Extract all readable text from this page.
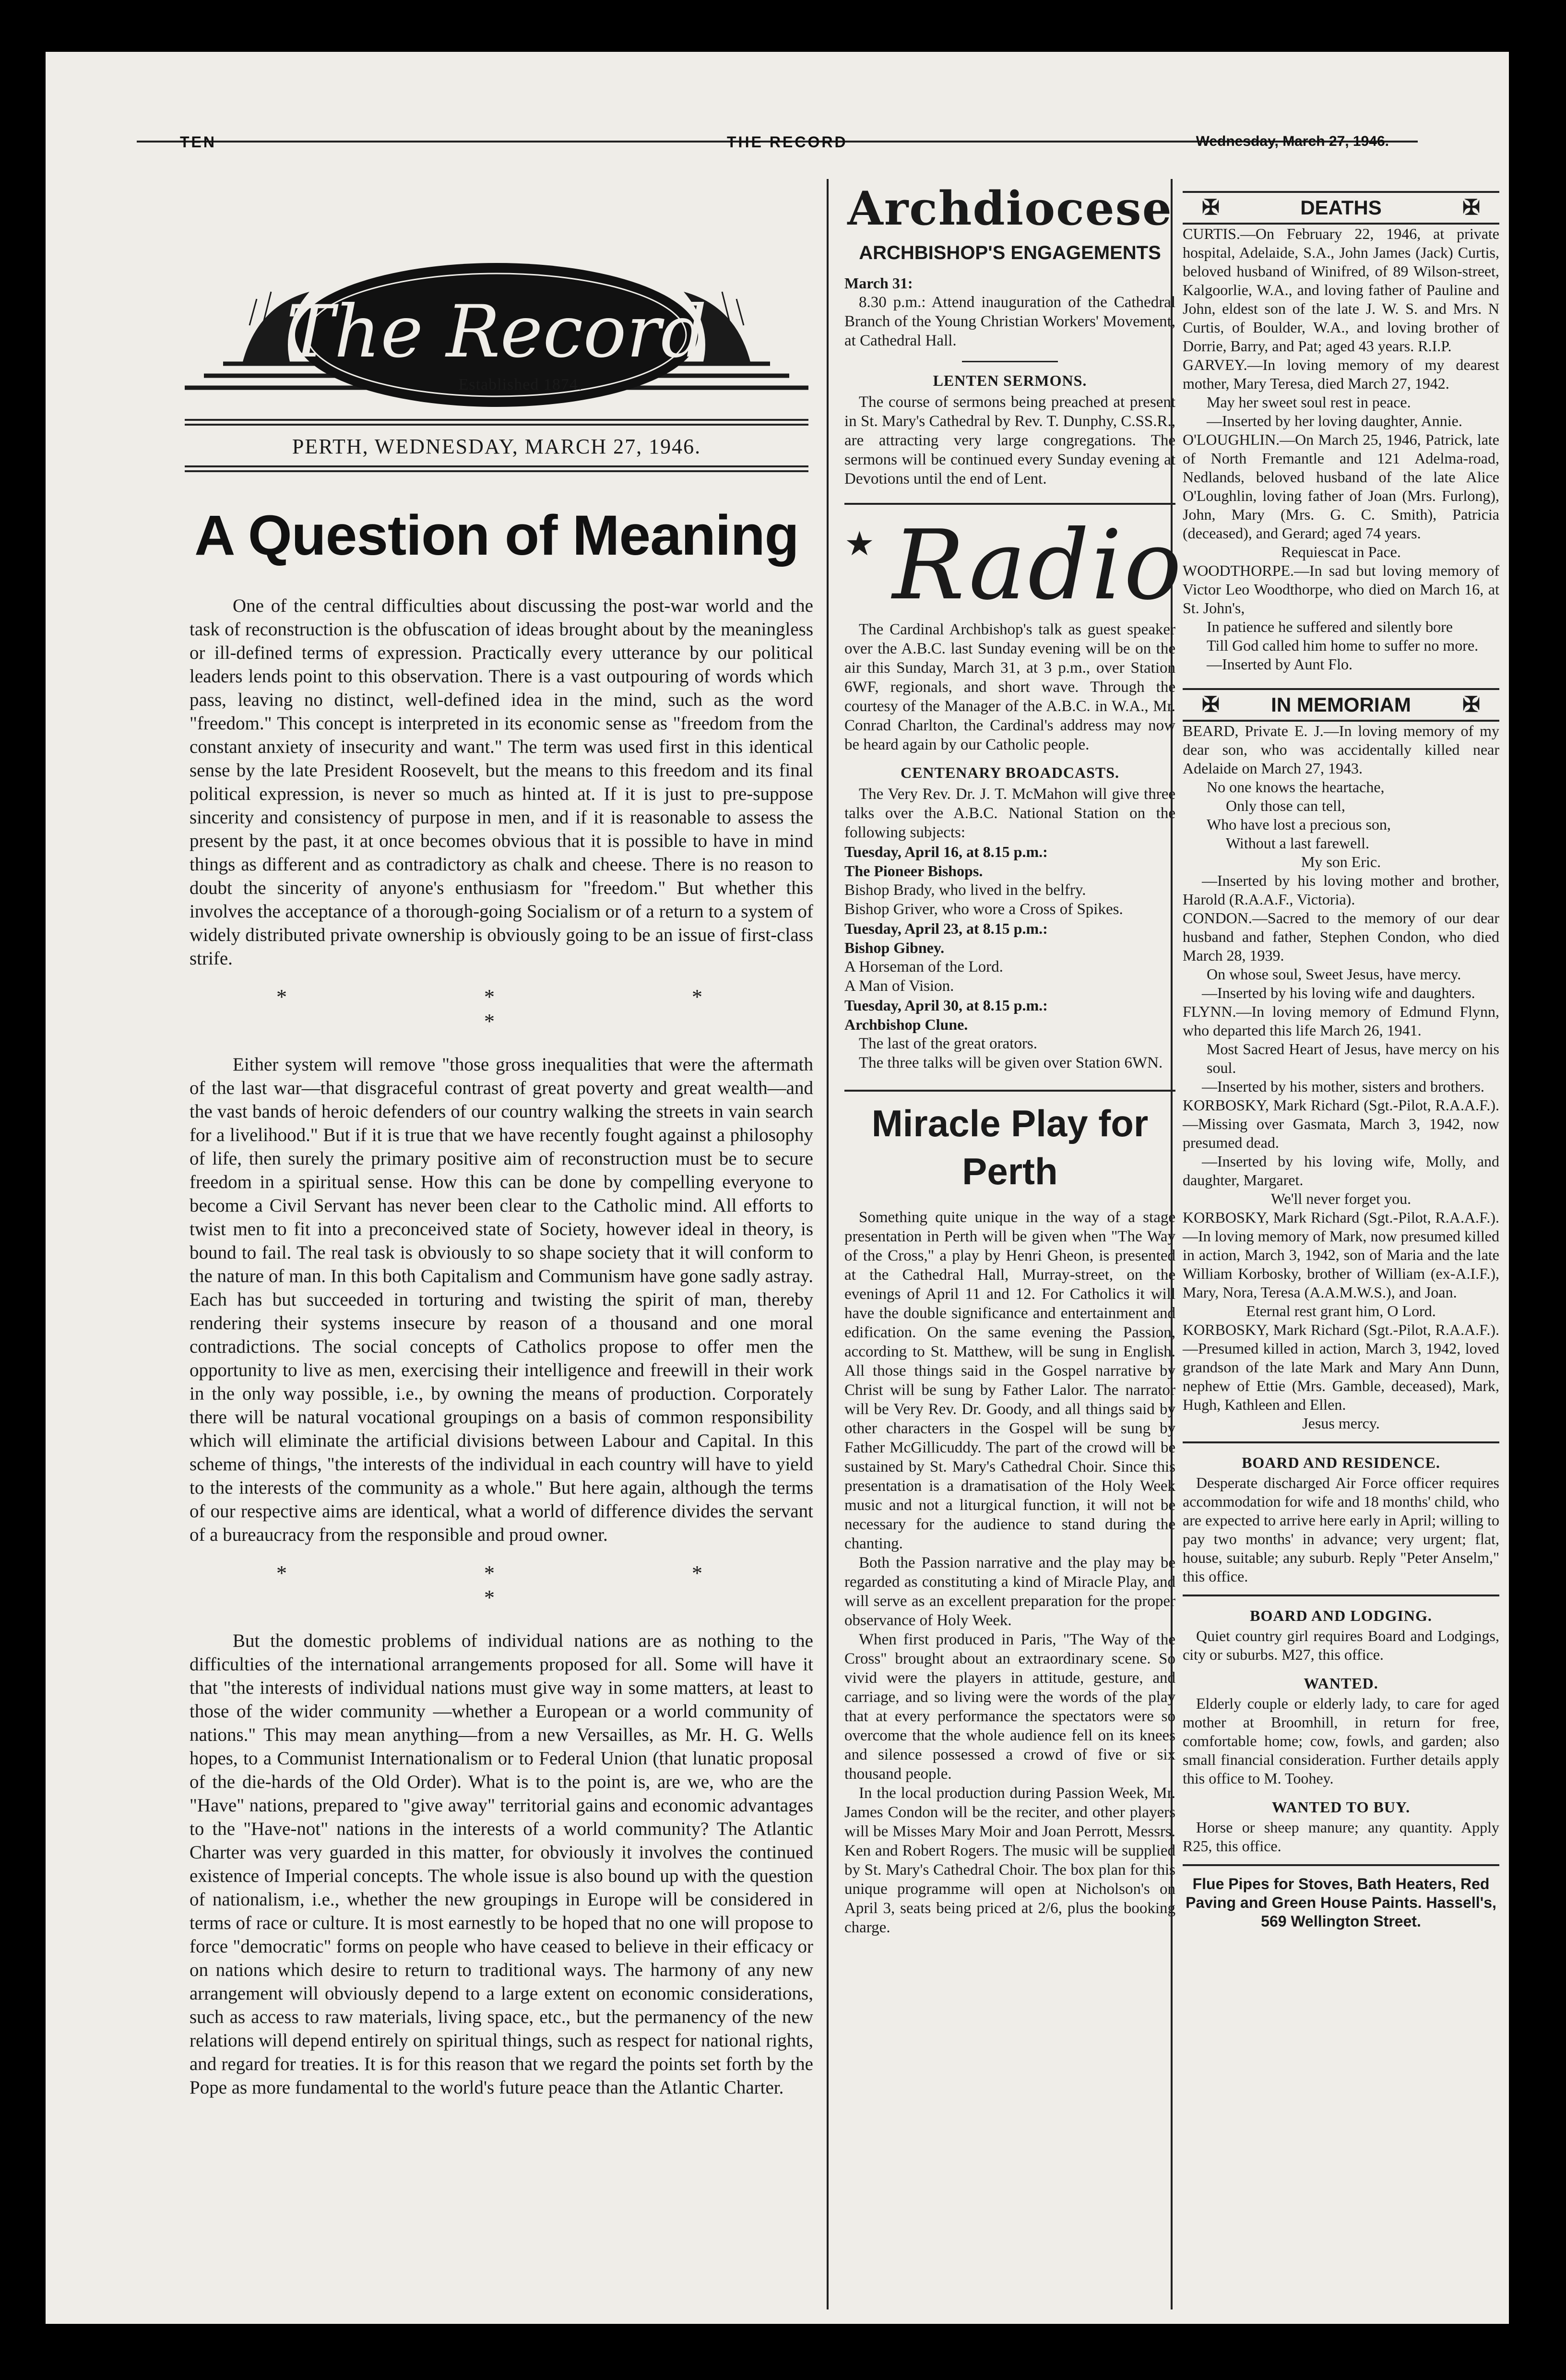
TEN	THE RECORD	Wednesday, March 27, 1946.
The Record
Established 1874.
PERTH, WEDNESDAY, MARCH 27, 1946.
A Question of Meaning

One of the central difficulties about discussing the post-war world and the task of reconstruction is the obfuscation of ideas brought about by the meaningless or ill-defined terms of expression. Practically every utterance by our political leaders lends point to this observation. There is a vast outpouring of words which pass, leaving no distinct, well-defined idea in the mind, such as the word "freedom." This concept is interpreted in its economic sense as "freedom from the constant anxiety of insecurity and want." The term was used first in this identical sense by the late President Roosevelt, but the means to this freedom and its final political expression, is never so much as hinted at. If it is just to pre-suppose sincerity and consistency of purpose in men, and if it is reasonable to assess the present by the past, it at once becomes obvious that it is possible to have in mind things as different and as contradictory as chalk and cheese. There is no reason to doubt the sincerity of anyone's enthusiasm for "freedom." But whether this involves the acceptance of a thorough-going Socialism or of a return to a system of widely distributed private ownership is obviously going to be an issue of first-class strife.

* * * *

Either system will remove "those gross inequalities that were the aftermath of the last war—that disgraceful contrast of great poverty and great wealth—and the vast bands of heroic defenders of our country walking the streets in vain search for a livelihood." But if it is true that we have recently fought against a philosophy of life, then surely the primary positive aim of reconstruction must be to secure freedom in a spiritual sense. How this can be done by compelling everyone to become a Civil Servant has never been clear to the Catholic mind. All efforts to twist men to fit into a preconceived state of Society, however ideal in theory, is bound to fail. The real task is obviously to so shape society that it will conform to the nature of man. In this both Capitalism and Communism have gone sadly astray. Each has but succeeded in torturing and twisting the spirit of man, thereby rendering their systems insecure by reason of a thousand and one moral contradictions. The social concepts of Catholics propose to offer men the opportunity to live as men, exercising their intelligence and freewill in their work in the only way possible, i.e., by owning the means of production. Corporately there will be natural vocational groupings on a basis of common responsibility which will eliminate the artificial divisions between Labour and Capital. In this scheme of things, "the interests of the individual in each country will have to yield to the interests of the community as a whole." But here again, although the terms of our respective aims are identical, what a world of difference divides the servant of a bureaucracy from the responsible and proud owner.

* * * *

But the domestic problems of individual nations are as nothing to the difficulties of the international arrangements proposed for all. Some will have it that "the interests of individual nations must give way in some matters, at least to those of the wider community —whether a European or a world community of nations." This may mean anything—from a new Versailles, as Mr. H. G. Wells hopes, to a Communist Internationalism or to Federal Union (that lunatic proposal of the die-hards of the Old Order). What is to the point is, are we, who are the "Have" nations, prepared to "give away" territorial gains and economic advantages to the "Have-not" nations in the interests of a world community? The Atlantic Charter was very guarded in this matter, for obviously it involves the continued existence of Imperial concepts. The whole issue is also bound up with the question of nationalism, i.e., whether the new groupings in Europe will be considered in terms of race or culture. It is most earnestly to be hoped that no one will propose to force "democratic" forms on people who have ceased to believe in their efficacy or on nations which desire to return to traditional ways. The harmony of any new arrangement will obviously depend to a large extent on economic considerations, such as access to raw materials, living space, etc., but the permanency of the new relations will depend entirely on spiritual things, such as respect for national rights, and regard for treaties. It is for this reason that we regard the points set forth by the Pope as more fundamental to the world's future peace than the Atlantic Charter.

Archdiocese
ARCHBISHOP'S ENGAGEMENTS

March 31:

8.30 p.m.: Attend inauguration of the Cathedral Branch of the Young Christian Workers' Movement, at Cathedral Hall.

LENTEN SERMONS.

The course of sermons being preached at present in St. Mary's Cathedral by Rev. T. Dunphy, C.SS.R., are attracting very large congregations. The sermons will be continued every Sunday evening at Devotions until the end of Lent.

★ Radio

The Cardinal Archbishop's talk as guest speaker over the A.B.C. last Sunday evening will be on the air this Sunday, March 31, at 3 p.m., over Station 6WF, regionals, and short wave. Through the courtesy of the Manager of the A.B.C. in W.A., Mr. Conrad Charlton, the Cardinal's address may now be heard again by our Catholic people.

CENTENARY BROADCASTS.

The Very Rev. Dr. J. T. McMahon will give three talks over the A.B.C. National Station on the following subjects:

Tuesday, April 16, at 8.15 p.m.:

The Pioneer Bishops.

Bishop Brady, who lived in the belfry.

Bishop Griver, who wore a Cross of Spikes.

Tuesday, April 23, at 8.15 p.m.:

Bishop Gibney.

A Horseman of the Lord.

A Man of Vision.

Tuesday, April 30, at 8.15 p.m.:

Archbishop Clune.

The last of the great orators.

The three talks will be given over Station 6WN.

Miracle Play for
Perth

Something quite unique in the way of a stage presentation in Perth will be given when "The Way of the Cross," a play by Henri Gheon, is presented at the Cathedral Hall, Murray-street, on the evenings of April 11 and 12. For Catholics it will have the double significance and entertainment and edification. On the same evening the Passion, according to St. Matthew, will be sung in English. All those things said in the Gospel narrative by Christ will be sung by Father Lalor. The narrator will be Very Rev. Dr. Goody, and all things said by other characters in the Gospel will be sung by Father McGillicuddy. The part of the crowd will be sustained by St. Mary's Cathedral Choir. Since this presentation is a dramatisation of the Holy Week music and not a liturgical function, it will not be necessary for the audience to stand during the chanting.

Both the Passion narrative and the play may be regarded as constituting a kind of Miracle Play, and will serve as an excellent preparation for the proper observance of Holy Week.

When first produced in Paris, "The Way of the Cross" brought about an extraordinary scene. So vivid were the players in attitude, gesture, and carriage, and so living were the words of the play that at every performance the spectators were so overcome that the whole audience fell on its knees and silence possessed a crowd of five or six thousand people.

In the local production during Passion Week, Mr. James Condon will be the reciter, and other players will be Misses Mary Moir and Joan Perrott, Messrs. Ken and Robert Rogers. The music will be supplied by St. Mary's Cathedral Choir. The box plan for this unique programme will open at Nicholson's on April 3, seats being priced at 2/6, plus the booking charge.

✠	DEATHS	✠

CURTIS.—On February 22, 1946, at private hospital, Adelaide, S.A., John James (Jack) Curtis, beloved husband of Winifred, of 89 Wilson-street, Kalgoorlie, W.A., and loving father of Pauline and John, eldest son of the late J. W. S. and Mrs. N Curtis, of Boulder, W.A., and loving brother of Dorrie, Barry, and Pat; aged 43 years. R.I.P.

GARVEY.—In loving memory of my dearest mother, Mary Teresa, died March 27, 1942.

May her sweet soul rest in peace.

—Inserted by her loving daughter, Annie.

O'LOUGHLIN.—On March 25, 1946, Patrick, late of North Fremantle and 121 Adelma-road, Nedlands, beloved husband of the late Alice O'Loughlin, loving father of Joan (Mrs. Furlong), John, Mary (Mrs. G. C. Smith), Patricia (deceased), and Gerard; aged 74 years.

Requiescat in Pace.

WOODTHORPE.—In sad but loving memory of Victor Leo Woodthorpe, who died on March 16, at St. John's,

In patience he suffered and silently bore

Till God called him home to suffer no more.

—Inserted by Aunt Flo.

✠	IN MEMORIAM ✠

BEARD, Private E. J.—In loving memory of my dear son, who was accidentally killed near Adelaide on March 27, 1943.

No one knows the heartache,

Only those can tell,

Who have lost a precious son,

Without a last farewell.

My son Eric.

—Inserted by his loving mother and brother, Harold (R.A.A.F., Victoria).

CONDON.—Sacred to the memory of our dear husband and father, Stephen Condon, who died March 28, 1939.

On whose soul, Sweet Jesus, have mercy.

—Inserted by his loving wife and daughters.

FLYNN.—In loving memory of Edmund Flynn, who departed this life March 26, 1941.

Most Sacred Heart of Jesus, have mercy on his soul.

—Inserted by his mother, sisters and brothers.

KORBOSKY, Mark Richard (Sgt.-Pilot, R.A.A.F.).—Missing over Gasmata, March 3, 1942, now presumed dead.

—Inserted by his loving wife, Molly, and daughter, Margaret.

We'll never forget you.

KORBOSKY, Mark Richard (Sgt.-Pilot, R.A.A.F.).—In loving memory of Mark, now presumed killed in action, March 3, 1942, son of Maria and the late William Korbosky, brother of William (ex-A.I.F.), Mary, Nora, Teresa (A.A.M.W.S.), and Joan.

Eternal rest grant him, O Lord.

KORBOSKY, Mark Richard (Sgt.-Pilot, R.A.A.F.).—Presumed killed in action, March 3, 1942, loved grandson of the late Mark and Mary Ann Dunn, nephew of Ettie (Mrs. Gamble, deceased), Mark, Hugh, Kathleen and Ellen.

Jesus mercy.

BOARD AND RESIDENCE.

Desperate discharged Air Force officer requires accommodation for wife and 18 months' child, who are expected to arrive here early in April; willing to pay two months' in advance; very urgent; flat, house, suitable; any suburb. Reply "Peter Anselm," this office.

BOARD AND LODGING.

Quiet country girl requires Board and Lodgings, city or suburbs. M27, this office.

WANTED.

Elderly couple or elderly lady, to care for aged mother at Broomhill, in return for free, comfortable home; cow, fowls, and garden; also small financial consideration. Further details apply this office to M. Toohey.

WANTED TO BUY.

Horse or sheep manure; any quantity. Apply R25, this office.

Flue Pipes for Stoves, Bath Heaters, Red Paving and Green House Paints. Hassell's, 569 Wellington Street.
